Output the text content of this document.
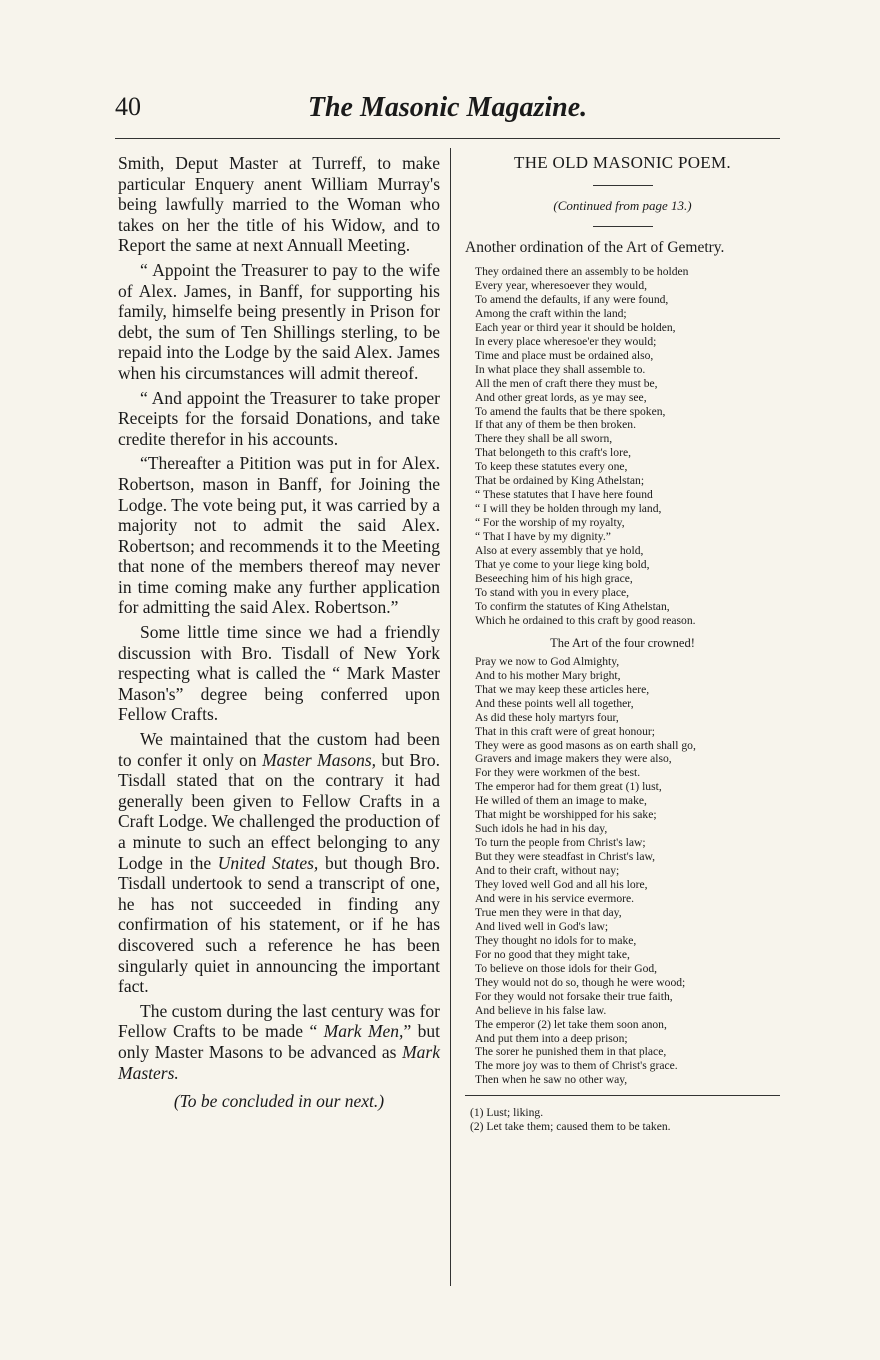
40	The Masonic Magazine.

Smith, Deput Master at Turreff, to make particular Enquery anent William Murray's being lawfully married to the Woman who takes on her the title of his Widow, and to Report the same at next Annuall Meeting.

“ Appoint the Treasurer to pay to the wife of Alex. James, in Banff, for supporting his family, himselfe being presently in Prison for debt, the sum of Ten Shillings sterling, to be repaid into the Lodge by the said Alex. James when his circumstances will admit thereof.

“ And appoint the Treasurer to take proper Receipts for the forsaid Donations, and take credite therefor in his accounts.

“Thereafter a Pitition was put in for Alex. Robertson, mason in Banff, for Joining the Lodge. The vote being put, it was carried by a majority not to admit the said Alex. Robertson; and recommends it to the Meeting that none of the members thereof may never in time coming make any further application for admitting the said Alex. Robertson.”

Some little time since we had a friendly discussion with Bro. Tisdall of New York respecting what is called the “ Mark Master Mason's” degree being conferred upon Fellow Crafts.

We maintained that the custom had been to confer it only on Master Masons, but Bro. Tisdall stated that on the contrary it had generally been given to Fellow Crafts in a Craft Lodge. We challenged the production of a minute to such an effect belonging to any Lodge in the United States, but though Bro. Tisdall undertook to send a transcript of one, he has not succeeded in finding any confirmation of his statement, or if he has discovered such a reference he has been singularly quiet in announcing the important fact.

The custom during the last century was for Fellow Crafts to be made “ Mark Men,” but only Master Masons to be advanced as Mark Masters.

(To be concluded in our next.)

THE OLD MASONIC POEM.

(Continued from page 13.)

Another ordination of the Art of Gemetry.

They ordained there an assembly to be holden
Every year, wheresoever they would,
To amend the defaults, if any were found,
Among the craft within the land;
Each year or third year it should be holden,
In every place wheresoe'er they would;
Time and place must be ordained also,
In what place they shall assemble to.
All the men of craft there they must be,
And other great lords, as ye may see,
To amend the faults that be there spoken,
If that any of them be then broken.
There they shall be all sworn,
That belongeth to this craft's lore,
To keep these statutes every one,
That be ordained by King Athelstan;
“ These statutes that I have here found
“ I will they be holden through my land,
“ For the worship of my royalty,
“ That I have by my dignity.”
Also at every assembly that ye hold,
That ye come to your liege king bold,
Beseeching him of his high grace,
To stand with you in every place,
To confirm the statutes of King Athelstan,
Which he ordained to this craft by good reason.

The Art of the four crowned!

Pray we now to God Almighty,
And to his mother Mary bright,
That we may keep these articles here,
And these points well all together,
As did these holy martyrs four,
That in this craft were of great honour;
They were as good masons as on earth shall go,
Gravers and image makers they were also,
For they were workmen of the best.
The emperor had for them great (1) lust,
He willed of them an image to make,
That might be worshipped for his sake;
Such idols he had in his day,
To turn the people from Christ's law;
But they were steadfast in Christ's law,
And to their craft, without nay;
They loved well God and all his lore,
And were in his service evermore.
True men they were in that day,
And lived well in God's law;
They thought no idols for to make,
For no good that they might take,
To believe on those idols for their God,
They would not do so, though he were wood;
For they would not forsake their true faith,
And believe in his false law.
The emperor (2) let take them soon anon,
And put them into a deep prison;
The sorer he punished them in that place,
The more joy was to them of Christ's grace.
Then when he saw no other way,
(1) Lust; liking.
(2) Let take them; caused them to be taken.
